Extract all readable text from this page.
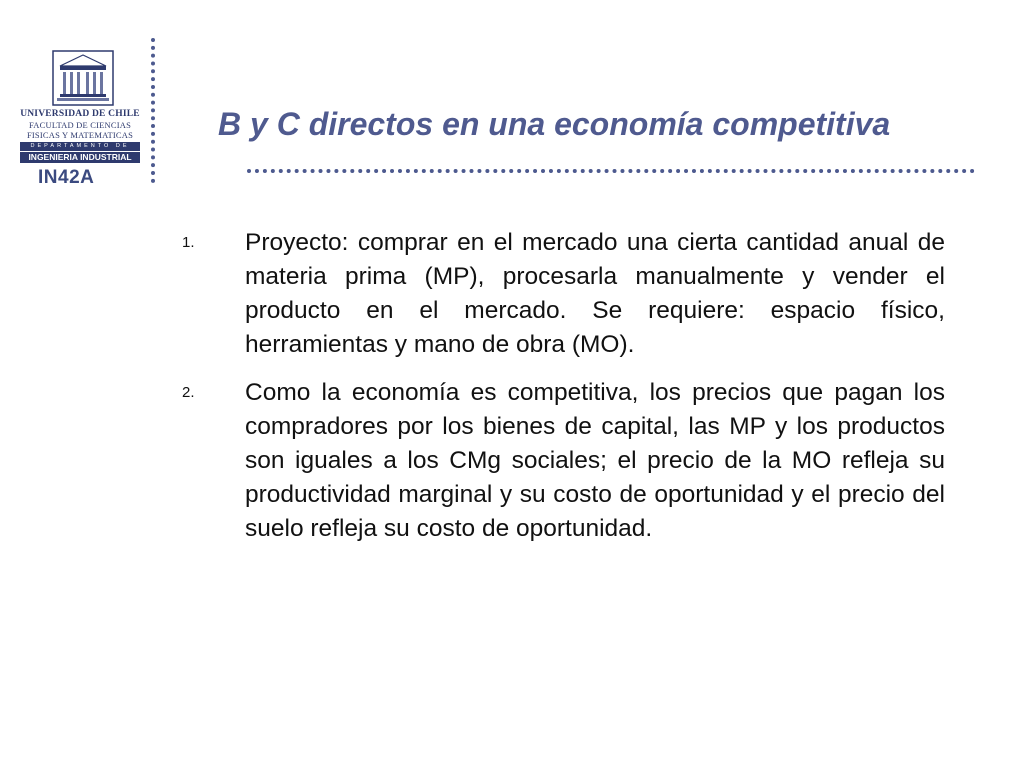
UNIVERSIDAD DE CHILE
FACULTAD DE CIENCIAS
FISICAS Y MATEMATICAS
DEPARTAMENTO DE
INGENIERIA INDUSTRIAL
IN42A
B y C directos en una economía competitiva
1. Proyecto: comprar en el mercado una cierta cantidad anual de materia prima (MP), procesarla manualmente y vender el producto en el mercado. Se requiere: espacio físico, herramientas y mano de obra (MO).
2. Como la economía es competitiva, los precios que pagan los compradores por los bienes de capital, las MP y los productos son iguales a los CMg sociales; el precio de la MO refleja su productividad marginal y su costo de oportunidad y el precio del suelo refleja su costo de oportunidad.
